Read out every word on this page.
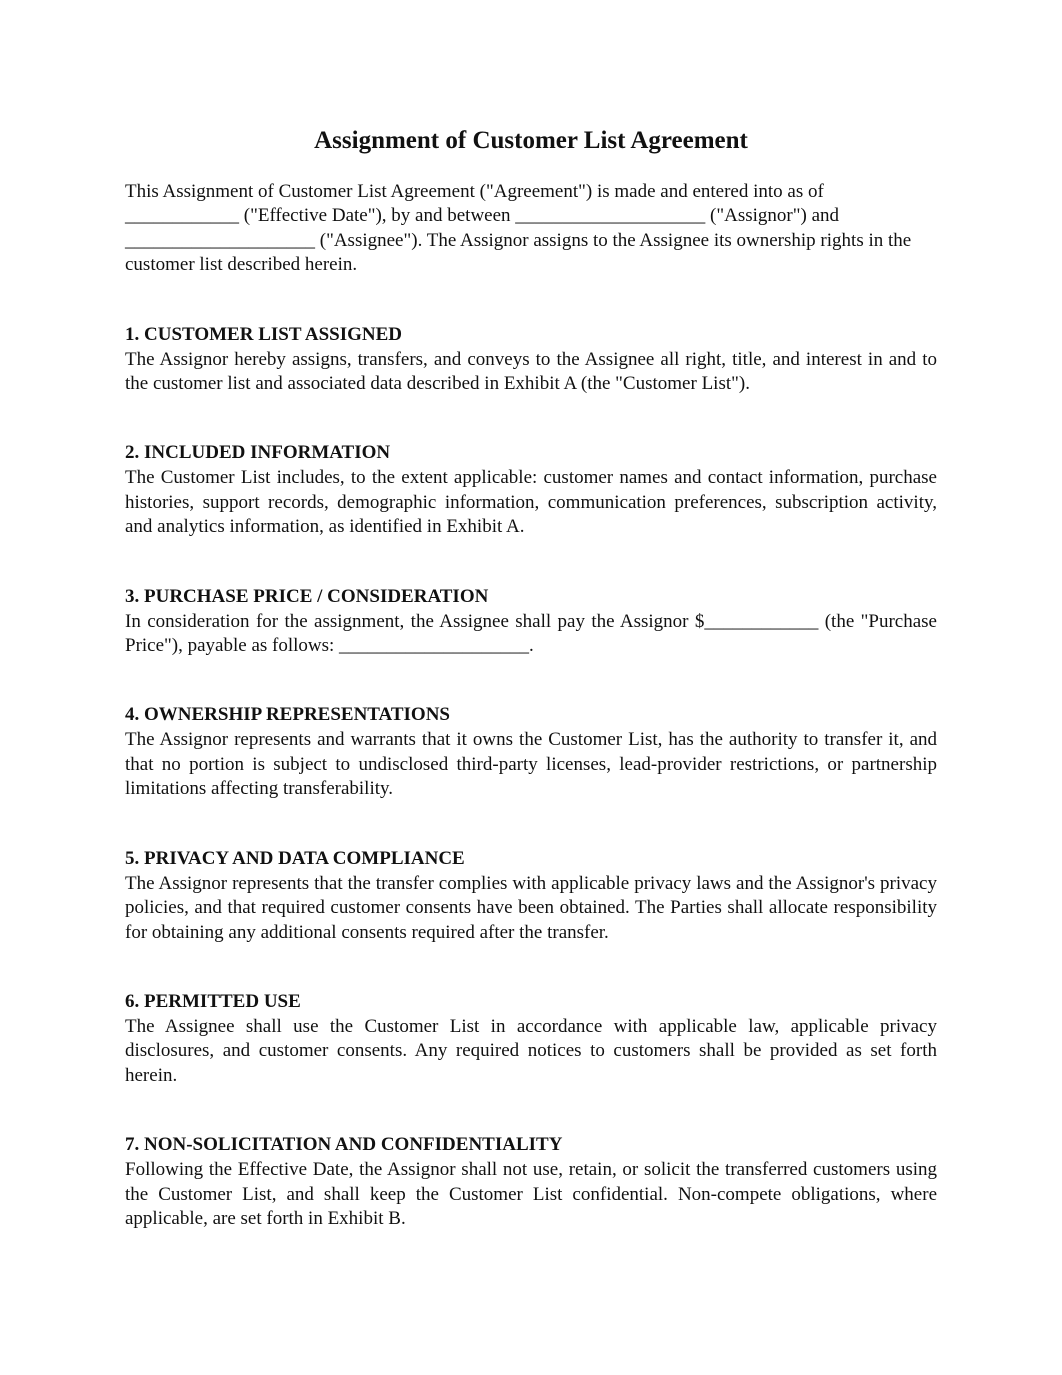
Assignment of Customer List Agreement

This Assignment of Customer List Agreement ("Agreement") is made and entered into as of ____________ ("Effective Date"), by and between ____________________ ("Assignor") and ____________________ ("Assignee"). The Assignor assigns to the Assignee its ownership rights in the customer list described herein.

1. CUSTOMER LIST ASSIGNED

The Assignor hereby assigns, transfers, and conveys to the Assignee all right, title, and interest in and to the customer list and associated data described in Exhibit A (the "Customer List").

2. INCLUDED INFORMATION

The Customer List includes, to the extent applicable: customer names and contact information, purchase histories, support records, demographic information, communication preferences, subscription activity, and analytics information, as identified in Exhibit A.

3. PURCHASE PRICE / CONSIDERATION

In consideration for the assignment, the Assignee shall pay the Assignor $____________ (the "Purchase Price"), payable as follows: ____________________.

4. OWNERSHIP REPRESENTATIONS

The Assignor represents and warrants that it owns the Customer List, has the authority to transfer it, and that no portion is subject to undisclosed third-party licenses, lead-provider restrictions, or partnership limitations affecting transferability.

5. PRIVACY AND DATA COMPLIANCE

The Assignor represents that the transfer complies with applicable privacy laws and the Assignor's privacy policies, and that required customer consents have been obtained. The Parties shall allocate responsibility for obtaining any additional consents required after the transfer.

6. PERMITTED USE

The Assignee shall use the Customer List in accordance with applicable law, applicable privacy disclosures, and customer consents. Any required notices to customers shall be provided as set forth herein.

7. NON-SOLICITATION AND CONFIDENTIALITY

Following the Effective Date, the Assignor shall not use, retain, or solicit the transferred customers using the Customer List, and shall keep the Customer List confidential. Non-compete obligations, where applicable, are set forth in Exhibit B.
